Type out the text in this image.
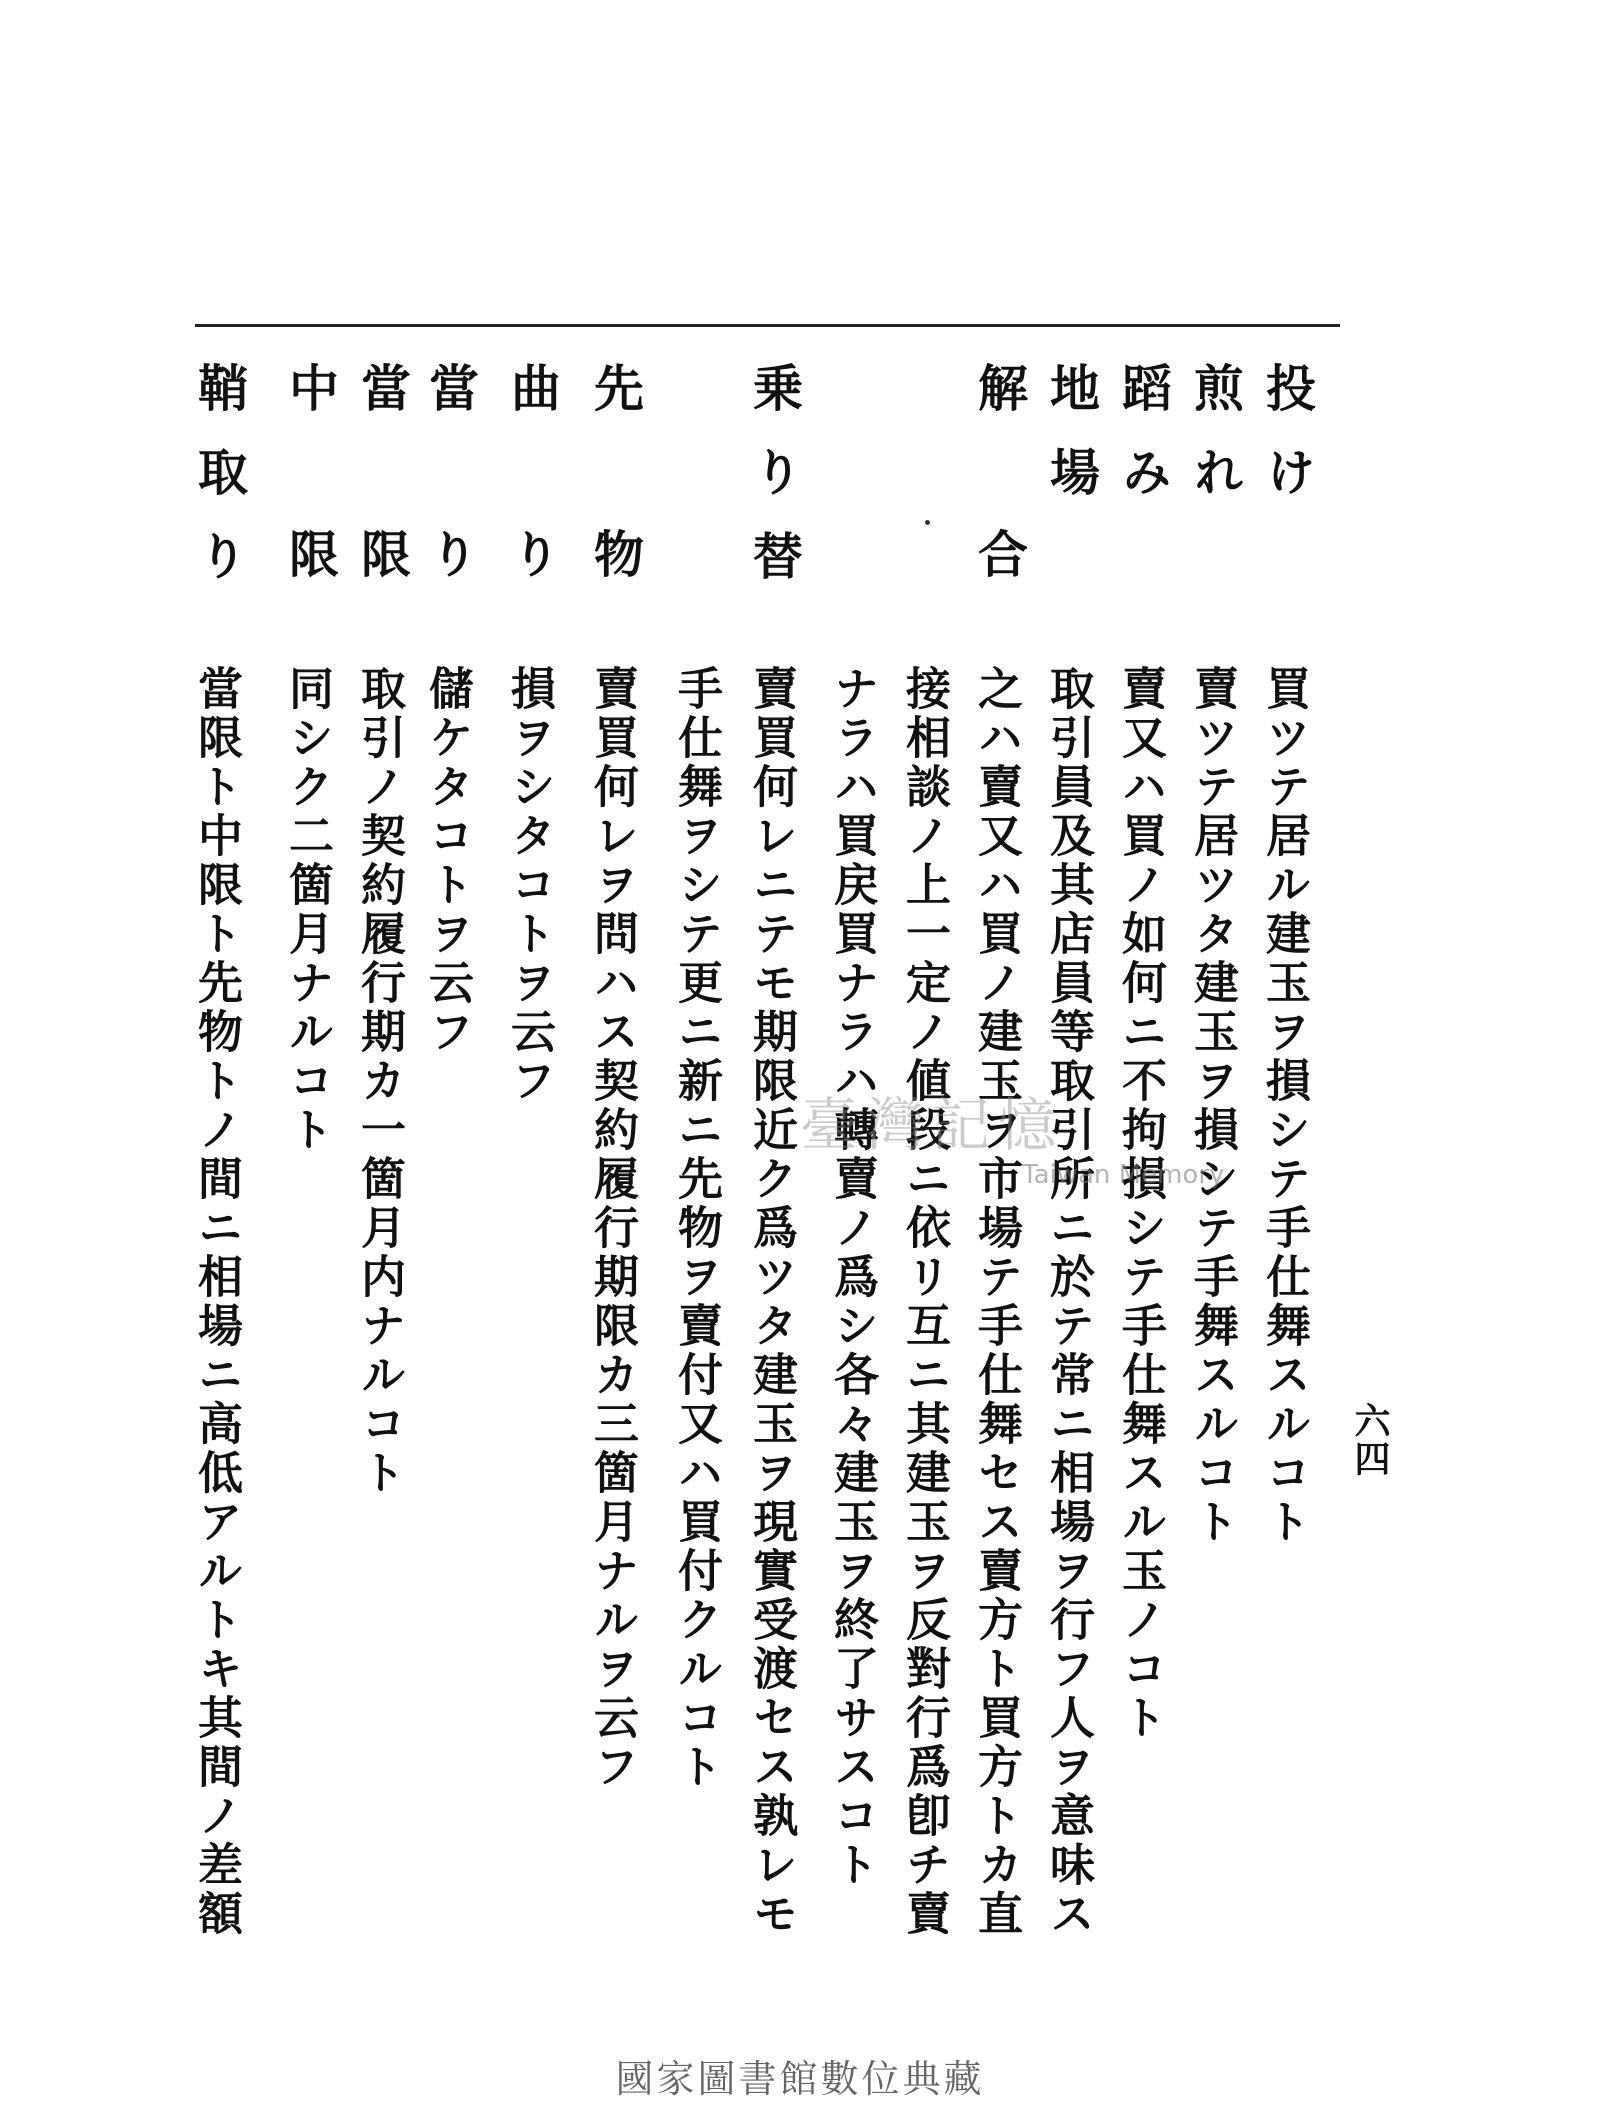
六四
投け
買ツテ居ル建玉ヲ損シテ手仕舞スルコト
煎れ
賣ツテ居ツタ建玉ヲ損シテ手舞スルコト
蹈み
賣又ハ買ノ如何ニ不拘損シテ手仕舞スル玉ノコト
地場
取引員及其店員等取引所ニ於テ常ニ相場ヲ行フ人ヲ意味ス
解合
之ハ賣又ハ買ノ建玉ヲ市場テ手仕舞セス賣方ト買方トカ直
接相談ノ上一定ノ値段ニ依リ互ニ其建玉ヲ反對行爲卽チ賣
ナラハ買戻買ナラハ轉賣ノ爲シ各々建玉ヲ終了サスコト
乗り替
賣買何レニテモ期限近ク爲ツタ建玉ヲ現實受渡セス孰レモ
手仕舞ヲシテ更ニ新ニ先物ヲ賣付又ハ買付クルコト
先物
賣買何レヲ問ハス契約履行期限カ三箇月ナルヲ云フ
曲り
損ヲシタコトヲ云フ
當り
儲ケタコトヲ云フ
當限
取引ノ契約履行期カ一箇月内ナルコト
中限
同シク二箇月ナルコト
鞘取り
當限ト中限ト先物トノ間ニ相場ニ高低アルトキ其間ノ差額	臺灣記憶
Taiwan Memory
國家圖書館數位典藏
